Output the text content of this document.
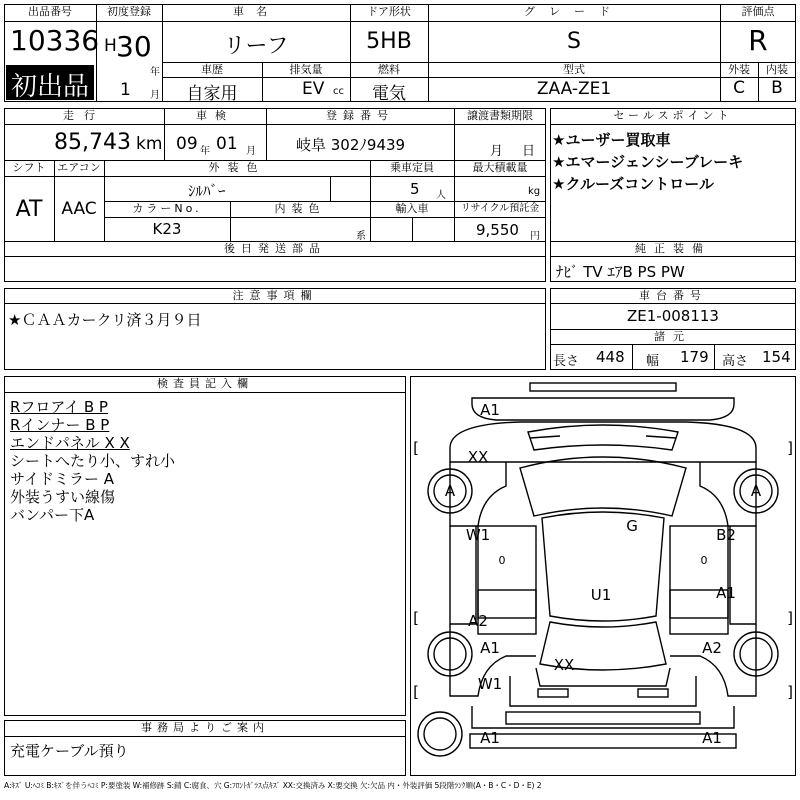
出品番号
10336
初出品
初度登録
H 30
年
1 月
車名
リーフ
ドア形状
5HB
グレード
S
評価点
R
外装	内装
C	B
車歴
自家用
排気量
EV cc
燃料
電気
型式
ZAA-ZE1
走行
85,743 km
車検
09 年 01 月
登録番号
岐阜 302ﾉ9439
譲渡書類期限
月 日
シフト	エアコン
AT	AAC
外装色
ｼﾙﾊﾞｰ
乗車定員
5 人
最大積載量
kg
カラーNo.
K23
内装色
系
輸入車	リサイクル預託金
9,550 円
後日発送部品
セールスポイント
★ユーザー買取車
★エマージェンシーブレーキ
★クルーズコントロール
純正装備
ﾅﾋﾞ TV ｴｱB PS PW
注意事項欄
★ＣＡＡカークリ済３月９日
車台番号
ZE1-008113
諸元
長さ 448 幅 179 高さ 154
検査員記入欄
Rフロアイ B P
Rインナー B P
エンドパネル X X
シートへたり小、すれ小
サイドミラー A
外装うすい線傷
バンパー下A
事務局よりご案内
充電ケーブル預り
[	]
[	]
[	]
A1
XX
A	A
W1
0
G	B2
0
U1	A1
A2
A1	A2
XX
W1
A1	A1
A:ｷｽﾞ U:ﾍｺﾐ B:ｷｽﾞを伴うﾍｺﾐ P:要塗装 W:補修跡 S:錆 C:腐食、穴 G:ﾌﾛﾝﾄｶﾞﾗｽ点ｷｽﾞ XX:交換済み X:要交換 欠:欠品 内・外装評価 5段階ﾗﾝｸ順(A・B・C・D・E) 2
